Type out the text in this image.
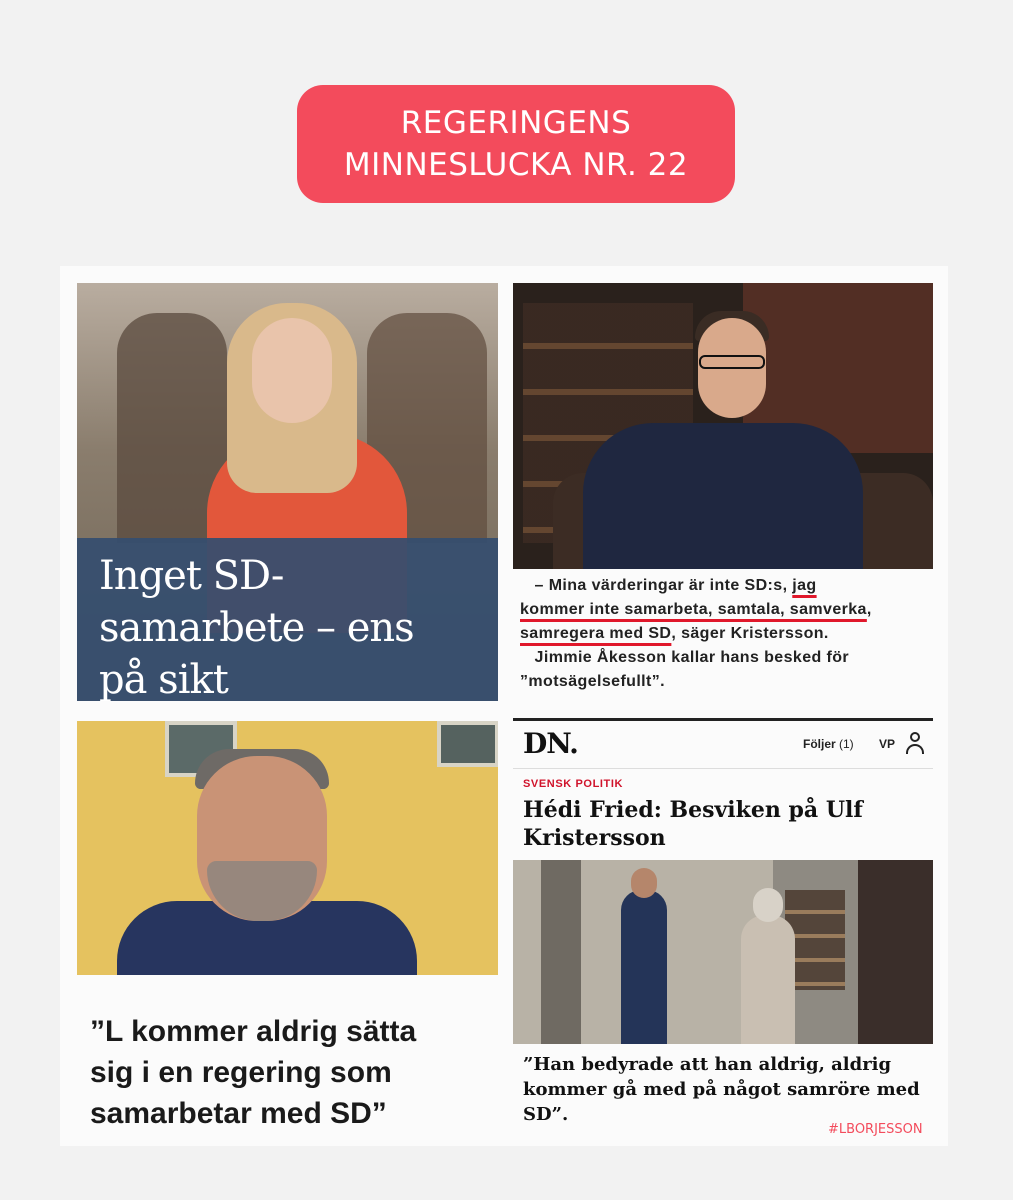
REGERINGENS
MINNESLUCKA NR. 22
Inget SD-
samarbete – ens
på sikt

– Mina värderingar är inte SD:s, jag

kommer inte samarbeta, samtala, samverka,

samregera med SD, säger Kristersson.

Jimmie Åkesson kallar hans besked för

”motsägelsefullt”.

”L kommer aldrig sätta
sig i en regering som
samarbetar med SD”
DN.	Följer (1) VP
SVENSK POLITIK
Hédi Fried: Besviken på Ulf
Kristersson
”Han bedyrade att han aldrig, aldrig
kommer gå med på något samröre med
SD”.
#LBORJESSON
